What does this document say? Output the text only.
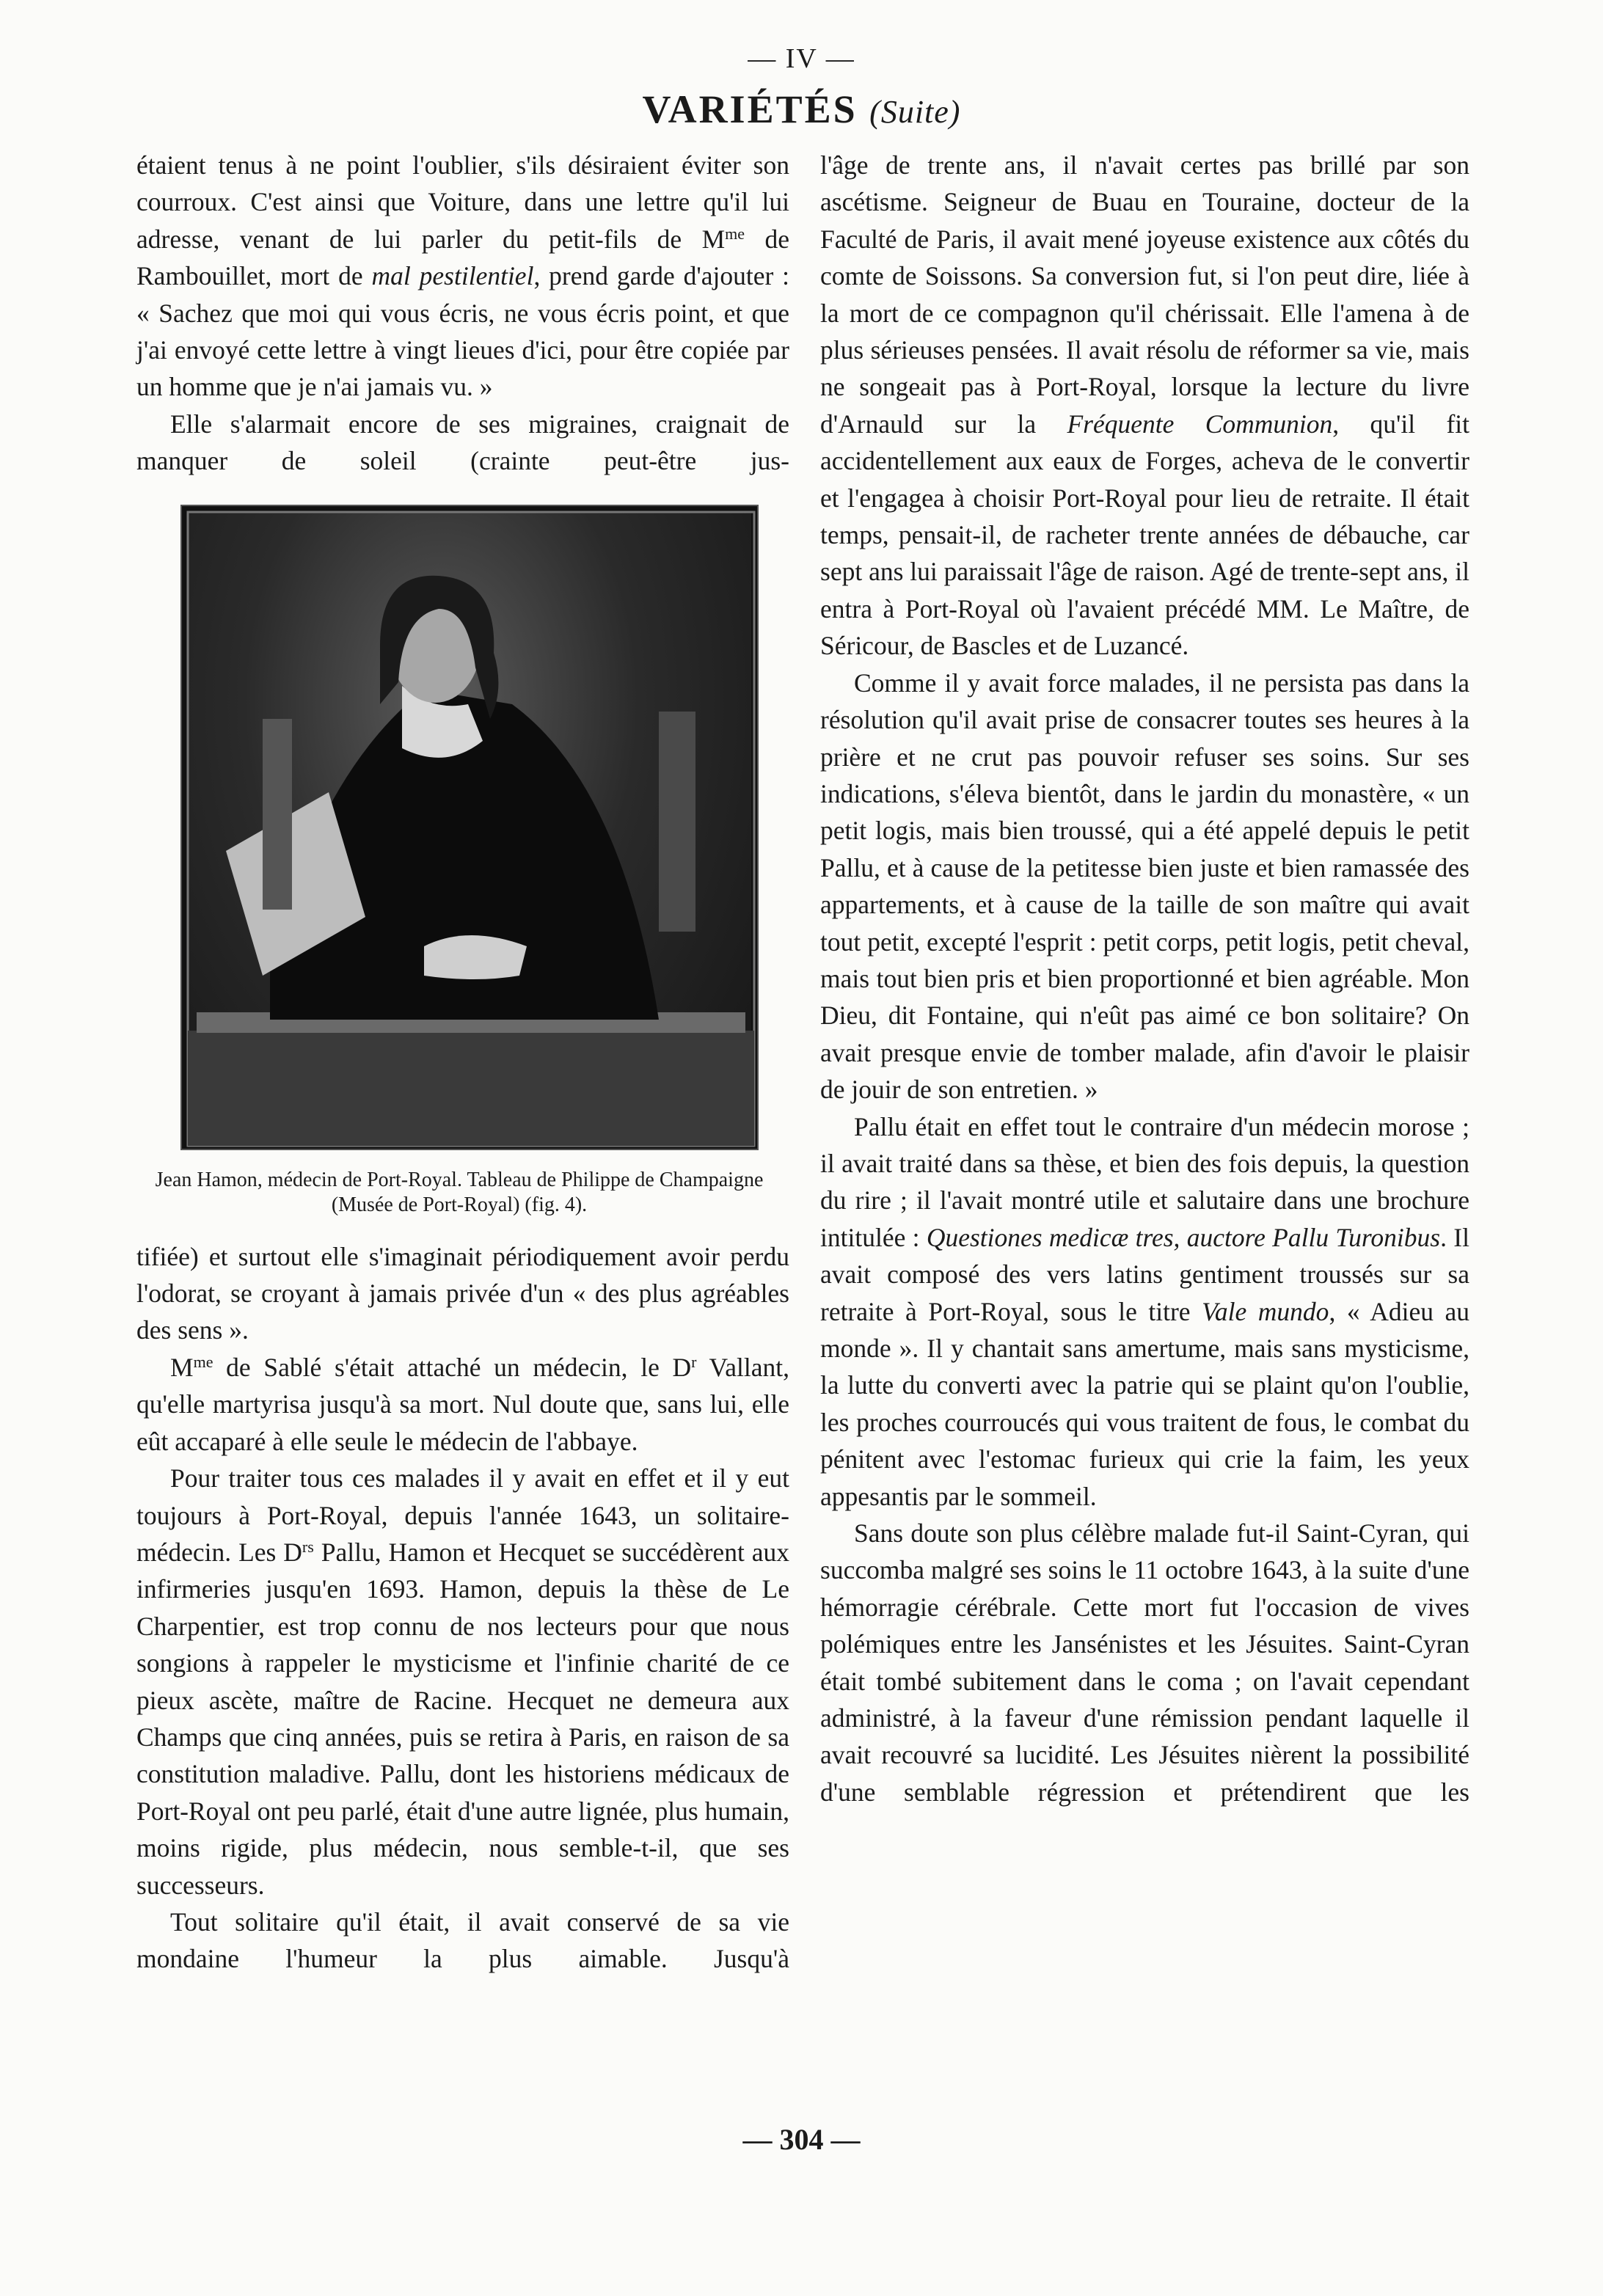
— IV —
VARIÉTÉS (Suite)

étaient tenus à ne point l'oublier, s'ils désiraient éviter son courroux. C'est ainsi que Voiture, dans une lettre qu'il lui adresse, venant de lui parler du petit-fils de $M^{me}$ de Rambouillet, mort de mal pestilentiel, prend garde d'ajouter : « Sachez que moi qui vous écris, ne vous écris point, et que j'ai envoyé cette lettre à vingt lieues d'ici, pour être copiée par un homme que je n'ai jamais vu. »

Elle s'alarmait encore de ses migraines, craignait de manquer de soleil (crainte peut-être jus-

Jean Hamon, médecin de Port-Royal. Tableau de Philippe de Champaigne (Musée de Port-Royal) (fig. 4).

tifiée) et surtout elle s'imaginait périodiquement avoir perdu l'odorat, se croyant à jamais privée d'un « des plus agréables des sens ».

$M^{me}$ de Sablé s'était attaché un médecin, le $D^r$ Vallant, qu'elle martyrisa jusqu'à sa mort. Nul doute que, sans lui, elle eût accaparé à elle seule le médecin de l'abbaye.

Pour traiter tous ces malades il y avait en effet et il y eut toujours à Port-Royal, depuis l'année 1643, un solitaire-médecin. Les $D^{rs}$ Pallu, Hamon et Hecquet se succédèrent aux infirmeries jusqu'en 1693. Hamon, depuis la thèse de Le Charpentier, est trop connu de nos lecteurs pour que nous songions à rappeler le mysticisme et l'infinie charité de ce pieux ascète, maître de Racine. Hecquet ne demeura aux Champs que cinq années, puis se retira à Paris, en raison de sa constitution maladive. Pallu, dont les historiens médicaux de Port-Royal ont peu parlé, était d'une autre lignée, plus humain, moins rigide, plus médecin, nous semble-t-il, que ses successeurs.

Tout solitaire qu'il était, il avait conservé de sa vie mondaine l'humeur la plus aimable. Jusqu'à

l'âge de trente ans, il n'avait certes pas brillé par son ascétisme. Seigneur de Buau en Touraine, docteur de la Faculté de Paris, il avait mené joyeuse existence aux côtés du comte de Soissons. Sa conversion fut, si l'on peut dire, liée à la mort de ce compagnon qu'il chérissait. Elle l'amena à de plus sérieuses pensées. Il avait résolu de réformer sa vie, mais ne songeait pas à Port-Royal, lorsque la lecture du livre d'Arnauld sur la Fréquente Communion, qu'il fit accidentellement aux eaux de Forges, acheva de le convertir et l'engagea à choisir Port-Royal pour lieu de retraite. Il était temps, pensait-il, de racheter trente années de débauche, car sept ans lui paraissait l'âge de raison. Agé de trente-sept ans, il entra à Port-Royal où l'avaient précédé MM. Le Maître, de Séricour, de Bascles et de Luzancé.

Comme il y avait force malades, il ne persista pas dans la résolution qu'il avait prise de consacrer toutes ses heures à la prière et ne crut pas pouvoir refuser ses soins. Sur ses indications, s'éleva bientôt, dans le jardin du monastère, « un petit logis, mais bien troussé, qui a été appelé depuis le petit Pallu, et à cause de la petitesse bien juste et bien ramassée des appartements, et à cause de la taille de son maître qui avait tout petit, excepté l'esprit : petit corps, petit logis, petit cheval, mais tout bien pris et bien proportionné et bien agréable. Mon Dieu, dit Fontaine, qui n'eût pas aimé ce bon solitaire? On avait presque envie de tomber malade, afin d'avoir le plaisir de jouir de son entretien. »

Pallu était en effet tout le contraire d'un médecin morose ; il avait traité dans sa thèse, et bien des fois depuis, la question du rire ; il l'avait montré utile et salutaire dans une brochure intitulée : Questiones medicæ tres, auctore Pallu Turonibus. Il avait composé des vers latins gentiment troussés sur sa retraite à Port-Royal, sous le titre Vale mundo, « Adieu au monde ». Il y chantait sans amertume, mais sans mysticisme, la lutte du converti avec la patrie qui se plaint qu'on l'oublie, les proches courroucés qui vous traitent de fous, le combat du pénitent avec l'estomac furieux qui crie la faim, les yeux appesantis par le sommeil.

Sans doute son plus célèbre malade fut-il Saint-Cyran, qui succomba malgré ses soins le 11 octobre 1643, à la suite d'une hémorragie cérébrale. Cette mort fut l'occasion de vives polémiques entre les Jansénistes et les Jésuites. Saint-Cyran était tombé subitement dans le coma ; on l'avait cependant administré, à la faveur d'une rémission pendant laquelle il avait recouvré sa lucidité. Les Jésuites nièrent la possibilité d'une semblable régression et prétendirent que les

— 304 —
